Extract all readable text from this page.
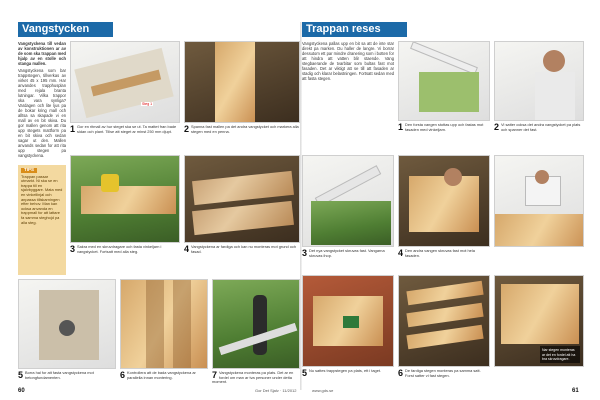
Vangstycken
Vangstyckena till vedan av konstruktionen ar av de som ska trappan med hjalp av en stolle och stanga mallen.
Vangstyckena som bar trappstegen, tillverkas av virket 45 x 195 mm. Har anvandes trapphusplan med rejala branta lutningar. Vilka trappor ska vara synliga? Vardagen och lite ljus pa de bokar kring mall och alltsa sa skapade vi en mall av en bit skiva. Du gor mallen genom att rita upp stegets mattform pa en bit skiva och sedan sagar ut den. Mallen anvands sedan for att rita upp stegen pa vangstyckena.
TIPS
Trappan passar utmarkt. Ni ska se en trappa till en sjalvbyggare. Mata med en vinkellinjal och anpassa tillskarningen efter behov. Man kan ocksa anvanda en trappmall for att lattare fa samma steghojd pa alla steg.
Steg 1
1 Gor en ritmall av hur steget ska se ut. Ta mattet fran bade sidan och plant. Tillse att steget ar minst 250 mm djupt.	2 Spanna fast mallen pa det andra vangstycket och markera alla stegen med en penna.
3 Sakra med en skruvdragare och fasta vinkeljarn i vangstycket. Fortsatt med alla steg.	4 Vangstyckena ar fardiga och kan nu monteras mot grund och fasad.
5 Borra hal for att fasta vangstyckena mot betongfundamenten.	6 Kontrollera att de bada vangstyckena ar parallella innan montering.	7 Vangstyckena monteras pa plats. Det ar en fordel om man ar tva personer under detta moment.
Trappan reses
Vangstyckena pallas upp en bit sa att de inte star direkt pa marken. Du haller de langre. Vi borrar dessutom ett par mindre dranering som i botten for att hindra att vatten blir staende. Vang stegbaerande de tvarbitar som bultas fast mot fasaden. Det ar viktigt att se till att fasaden ar stadig och klarar belastningen. Fortsatt sedan med att fasta stegen.
1 Den forsta vangen stottas upp och fastas mot fasaden med vinkeljarn.	2 Vi satter ocksa det andra vangstycket pa plats och spanner det fast.
3 Det nya vangstycket skruvas fast. Vangarna skruvas ihop.	4 Den andra vangen skruvas fast mot hela fasaden.
Nar stegen monteras ar det en fordel att ha bra skruvdragare.
5 Nu sattes trappstegen pa plats, ett i taget.	6 De fardiga stegen monteras pa samma satt. Forst satter vi fast stegen.
60	Gor Det Sjalv · 11/2012	www.gds.se	61
